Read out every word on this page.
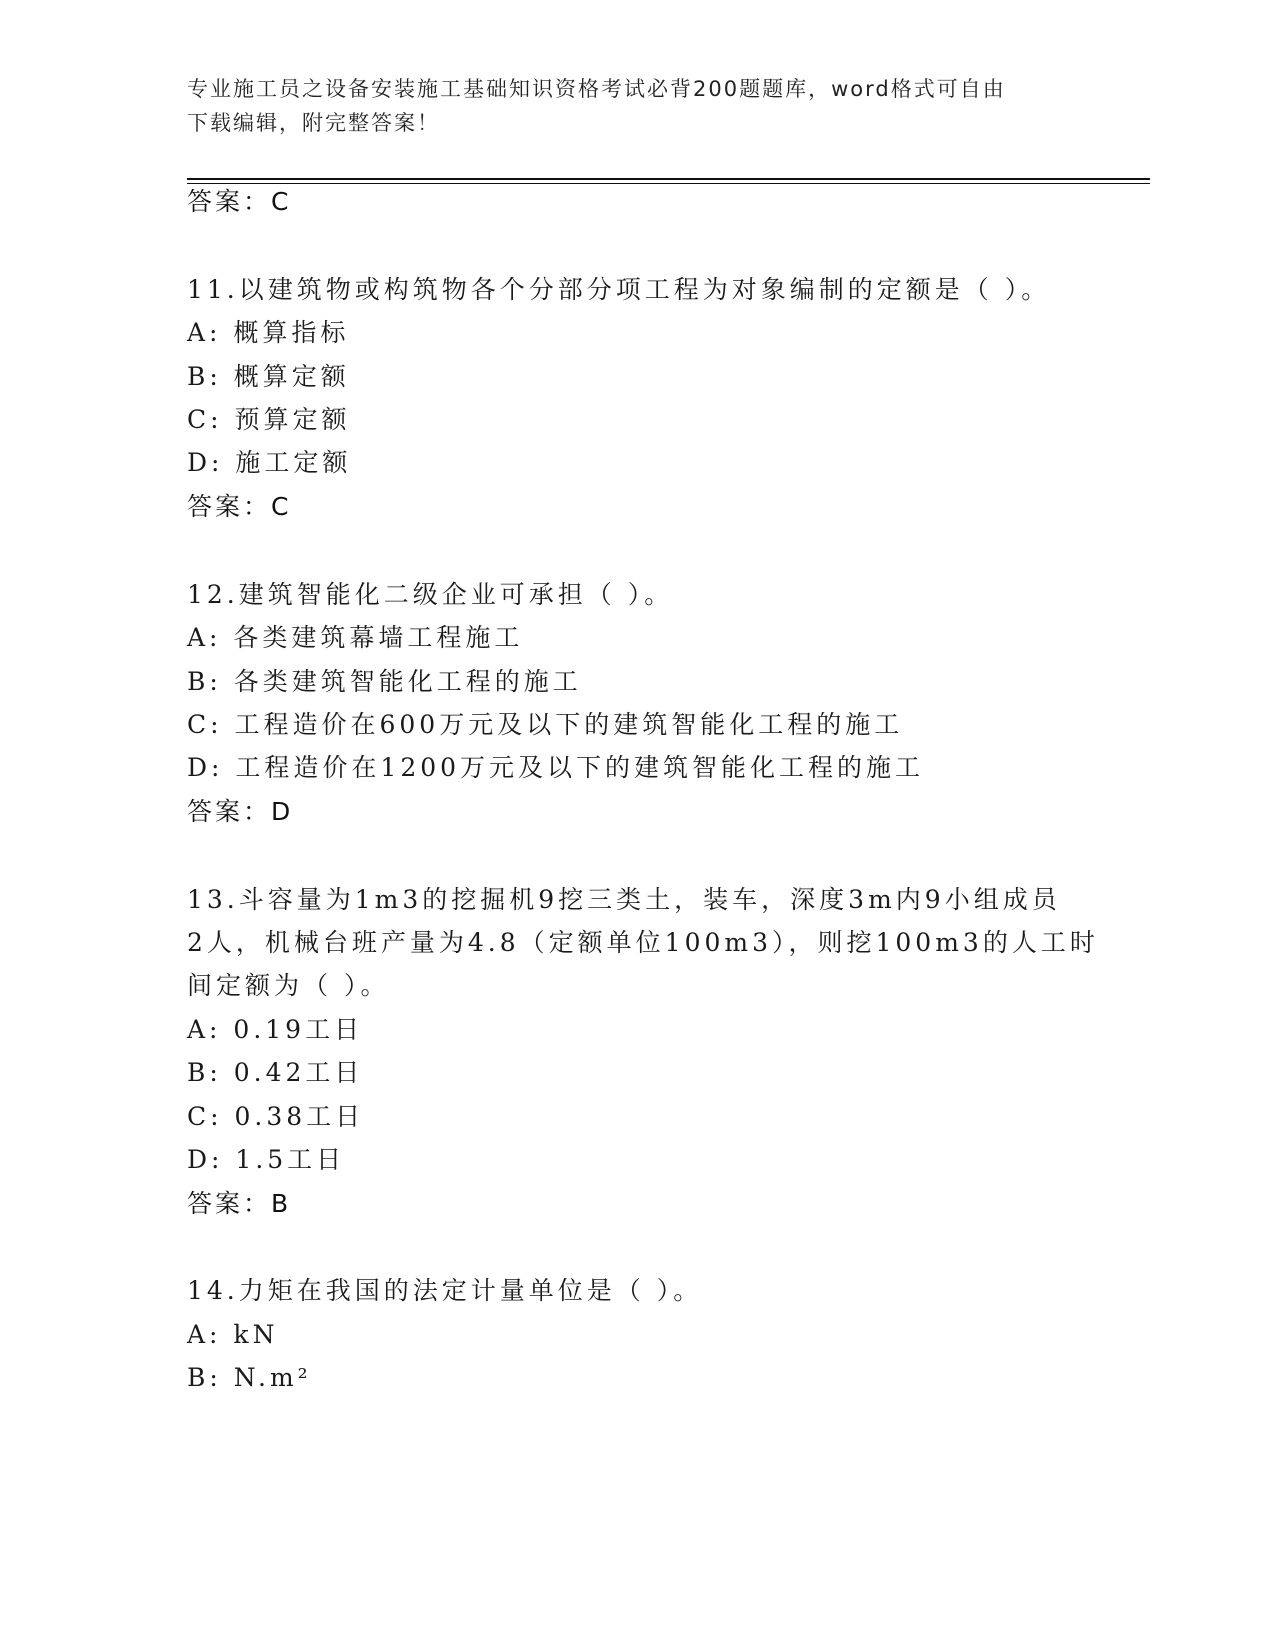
专业施工员之设备安装施工基础知识资格考试必背200题题库，word格式可自由
下载编辑，附完整答案！
答案：C
11.以建筑物或构筑物各个分部分项工程为对象编制的定额是（ ）。
A: 概算指标
B: 概算定额
C: 预算定额
D: 施工定额
答案：C
12.建筑智能化二级企业可承担（ ）。
A: 各类建筑幕墙工程施工
B: 各类建筑智能化工程的施工
C: 工程造价在600万元及以下的建筑智能化工程的施工
D: 工程造价在1200万元及以下的建筑智能化工程的施工
答案：D
13.斗容量为1m3的挖掘机9挖三类土，装车，深度3m内9小组成员
2人，机械台班产量为4.8（定额单位100m3），则挖100m3的人工时
间定额为（ ）。
A: 0.19工日
B: 0.42工日
C: 0.38工日
D: 1.5工日
答案：B
14.力矩在我国的法定计量单位是（ ）。
A: kN
B: N.m²
